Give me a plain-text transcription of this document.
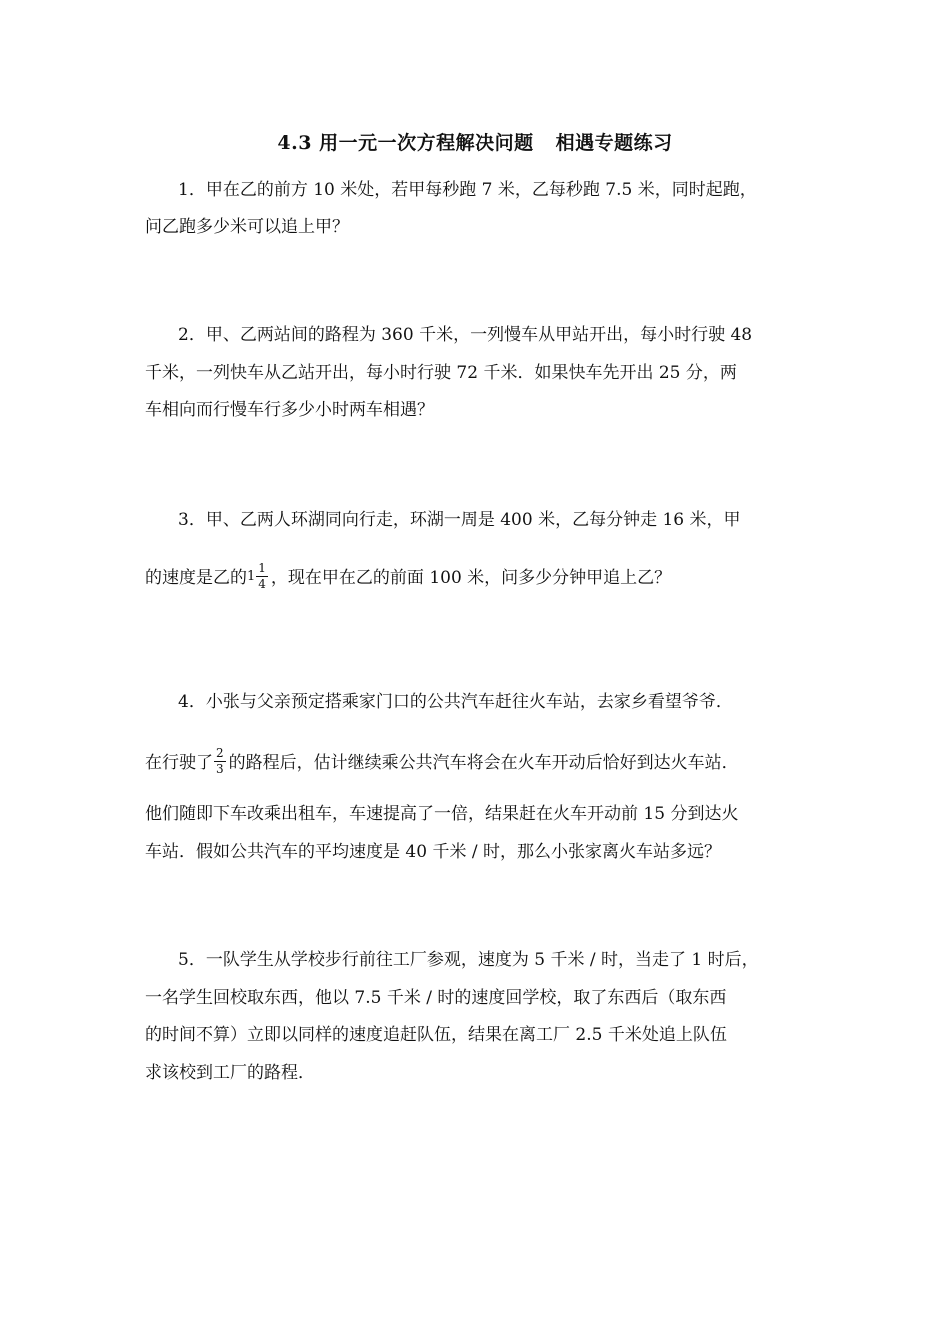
4.3 用一元一次方程解决问题 相遇专题练习
1．甲在乙的前方 10 米处，若甲每秒跑 7 米，乙每秒跑 7.5 米，同时起跑，
问乙跑多少米可以追上甲？
2．甲、乙两站间的路程为 360 千米，一列慢车从甲站开出，每小时行驶 48
千米，一列快车从乙站开出，每小时行驶 72 千米．如果快车先开出 25 分，两
车相向而行慢车行多少小时两车相遇？
3．甲、乙两人环湖同向行走，环湖一周是 400 米，乙每分钟走 16 米，甲
的速度是乙的$1 \frac{1}{4}$ ，现在甲在乙的前面 100 米，问多少分钟甲追上乙？
4．小张与父亲预定搭乘家门口的公共汽车赶往火车站，去家乡看望爷爷．
在行驶了 $\frac{2}{3}$ 的路程后，估计继续乘公共汽车将会在火车开动后恰好到达火车站．
他们随即下车改乘出租车，车速提高了一倍，结果赶在火车开动前 15 分到达火
车站．假如公共汽车的平均速度是 40 千米 / 时，那么小张家离火车站多远？
5．一队学生从学校步行前往工厂参观，速度为 5 千米 / 时，当走了 1 时后，
一名学生回校取东西，他以 7.5 千米 / 时的速度回学校，取了东西后（取东西
的时间不算）立即以同样的速度追赶队伍，结果在离工厂 2.5 千米处追上队伍
求该校到工厂的路程．
